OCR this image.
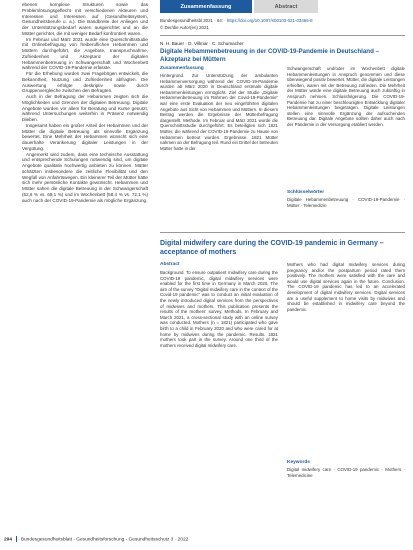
ebenen komplexe Strukturen sowie das Problemlösungsgeflecht mit verschiedenen Akteuren und Interessen und Interessen auf (Gesundheitssystem, Gesundheitsberufe u. a.). Die Bandbreite der Anliegen und der Unterstützungsbedarf waren ausgerichtet und an die Mütter gerichtet, die mit weniger Bedarf konfrontiert waren.

Im Februar und März 2021 wurde eine Querschnittsstudie mit Onlinebefragung von freiberuflichen Hebammen und Müttern durchgeführt, die Angebote, Inanspruchnahme, Zufriedenheit und Akzeptanz der digitalen Hebammenbetreuung in Schwangerschaft und Wochenbett während der COVID-19-Pandemie erfasste.

Für die Erhebung wurden zwei Fragebögen entwickelt, die Bekanntheit, Nutzung und Zufriedenheit abfragten. Die Auswertung erfolgte deskriptiv sowie durch Gruppenvergleiche zwischen den Befragten.

Auch in der Befragung der Hebammen zeigten sich die Möglichkeiten und Grenzen der digitalen Betreuung. Digitale Angebote wurden vor allem für Beratung und Kurse genutzt, während Untersuchungen weiterhin in Präsenz notwendig blieben.

Insgesamt haben ein großer Anteil der Hebammen und der Mütter die digitale Betreuung als sinnvolle Ergänzung bewertet. Eine Mehrheit der Hebammen wünscht sich eine dauerhafte Verankerung digitaler Leistungen in der Vergütung.

Angemerkt wird zudem, dass eine technische Ausstattung und entsprechende Schulungen notwendig sind, um digitale Angebote qualitativ hochwertig anbieten zu können. Mütter schätzten insbesondere die zeitliche Flexibilität und den Wegfall von Anfahrtswegen. Ein kleinerer Teil der Mütter hätte sich mehr persönliche Kontakte gewünscht. Hebammen und Mütter sahen die digitale Betreuung in der Schwangerschaft (62,6 % vs. 69,1 %) und im Wochenbett (58,4 % vs. 72,1 %) auch nach der COVID-19-Pandemie als mögliche Ergänzung.

Zusammenfassung	Abstract
Bundesgesundheitsbl 2021 · 64: · https://doi.org/10.1007/s00103-021-03466-8
© Der/die Autor(en) 2021
N. H. Bauer · D. Villmar · C. Schumacher
Digitale Hebammenbetreuung in der COVID-19-Pandemie in Deutschland – Akzeptanz bei Müttern
Zusammenfassung
Hintergrund. Zur Unterstützung der ambulanten Hebammenversorgung während der COVID-19-Pandemie wurden ab März 2020 in Deutschland erstmals digitale Hebammenleistungen ermöglicht. Ziel der Studie „Digitale Hebammenbetreuung im Rahmen der Covid-19-Pandemie“ war eine erste Evaluation der neu eingeführten digitalen Angebote aus Sicht von Hebammen und Müttern. In diesem Beitrag werden die Ergebnisse der Mütterbefragung dargestellt. Methode. Im Februar und März 2021 wurde die Querschnittsstudie durchgeführt. Es beteiligten sich 1821 Mütter, die während der COVID-19-Pandemie zu Hause von Hebammen betreut wurden. Ergebnisse. 1821 Mütter nahmen an der Befragung teil. Rund ein Drittel der betreuten Mütter hatte in der
Schwangerschaft und/oder im Wochenbett digitale Hebammenleistungen in Anspruch genommen und diese überwiegend positiv bewertet. Mütter, die digitale Leistungen erhielten, waren mit der Betreuung zufrieden. Die Mehrheit der Mütter würde eine digitale Betreuung auch zukünftig in Anspruch nehmen. Schlussfolgerung. Die COVID-19-Pandemie hat zu einer beschleunigten Entwicklung digitaler Hebammenleistungen beigetragen. Digitale Leistungen stellen eine sinnvolle Ergänzung der aufsuchenden Betreuung dar. Digitale Angebote sollten daher auch nach der Pandemie in der Versorgung etabliert werden.
Schlüsselwörter
Digitale Hebammenbetreuung · COVID-19-Pandemie · Mütter · Telemedizin
Digital midwifery care during the COVID-19 pandemic in Germany – acceptance of mothers
Abstract
Background. To ensure outpatient midwifery care during the COVID-19 pandemic, digital midwifery services were enabled for the first time in Germany in March 2020. The aim of the survey “Digital midwifery care in the context of the Covid-19 pandemic” was to conduct an initial evaluation of the newly introduced digital services from the perspectives of midwives and mothers. This publication presents the results of the mothers’ survey. Methods. In February and March 2021, a cross-sectional study with an online survey was conducted. Mothers (n = 1821) participated who gave birth to a child in February 2020 and who were cared for at home by midwives during the pandemic. Results. 1821 mothers took part in the survey. Around one third of the mothers received digital midwifery care.
Mothers who had digital midwifery services during pregnancy and/or the postpartum period rated them positively. The mothers were satisfied with the care and would use digital services again in the future. Conclusion. The COVID-19 pandemic has led to an accelerated development of digital midwifery services. Digital services are a useful supplement to home visits by midwives and should be established in midwifery care beyond the pandemic.
Keywords
Digital midwifery care · COVID-19 pandemic · Mothers · Telemedicine
294 Bundesgesundheitsblatt - Gesundheitsforschung - Gesundheitsschutz 3 · 2022
